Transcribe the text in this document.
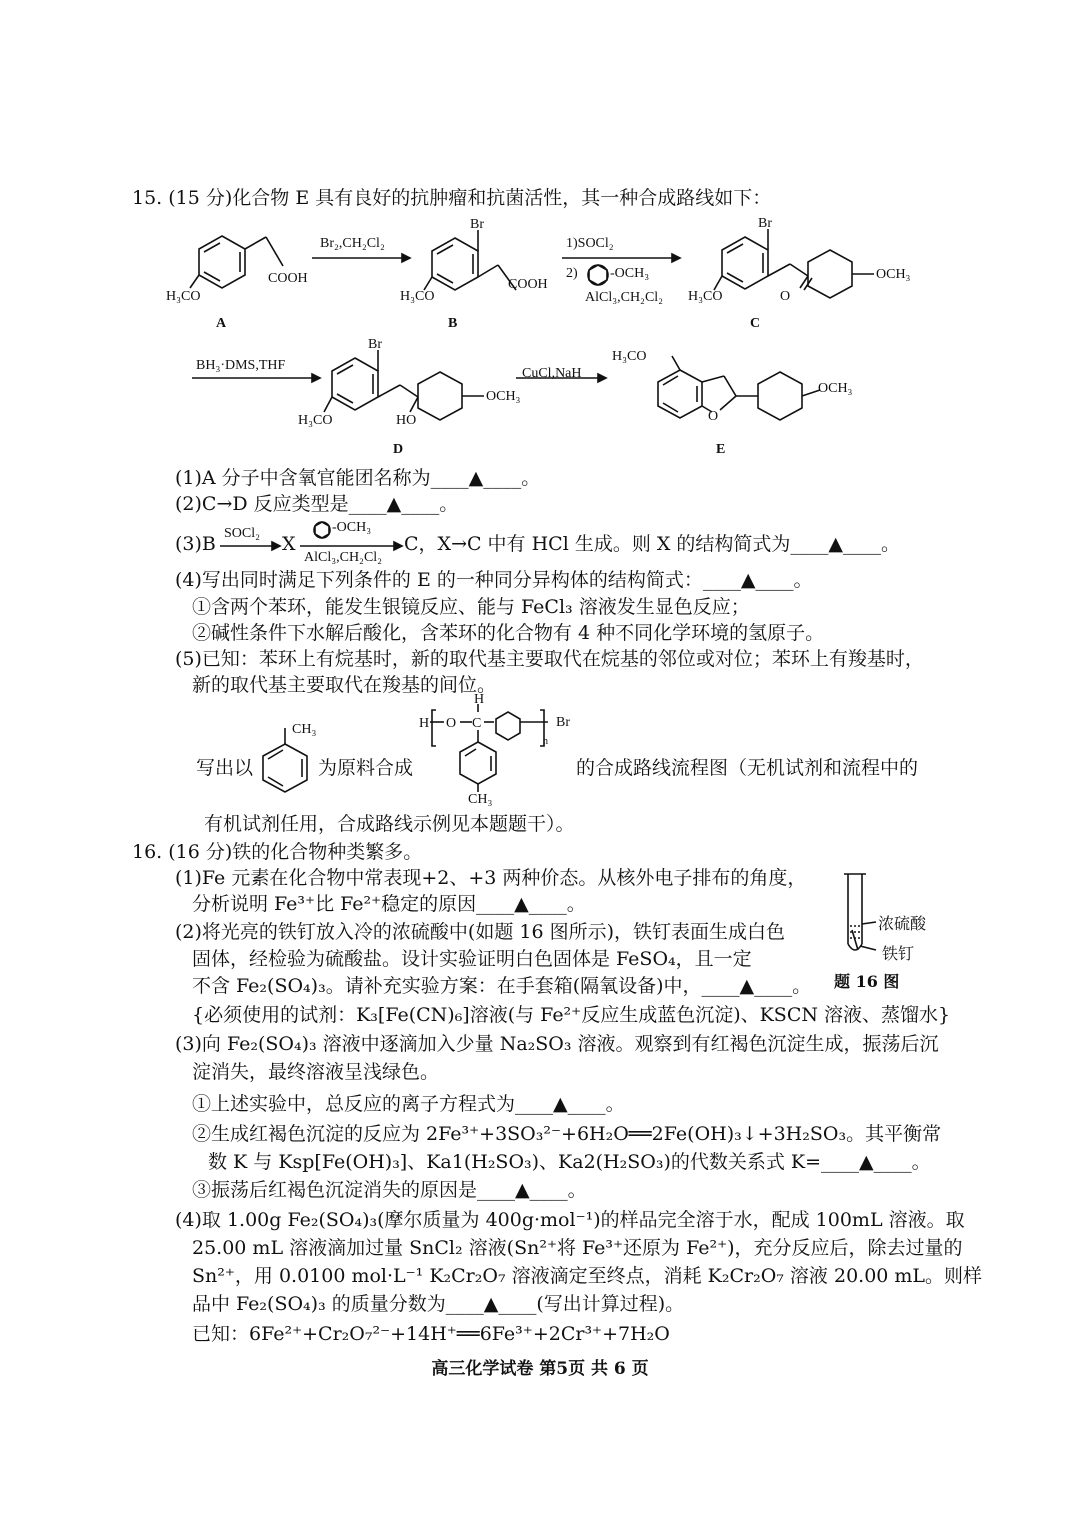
15. (15 分)化合物 E 具有良好的抗肿瘤和抗菌活性，其一种合成路线如下：
COOH
H₃CO
Br
COOH
H₃CO
Br
O
OCH₃
H₃CO
Br
HO
OCH₃
H₃CO	O
H₃CO
OCH₃
Br₂,CH₂Cl₂	1)SOCl₂
2) -OCH₃
AlCl₃,CH₂Cl₂
BH₃·DMS,THF
CuCl,NaH
A	B	C
D	E
(1)A 分子中含氧官能团名称为____▲____。
(2)C→D 反应类型是____▲____。
(3)B SOCl₂ X
-OCH₃
AlCl₃,CH₂Cl₂
C，X→C 中有 HCl 生成。则 X 的结构简式为____▲____。
(4)写出同时满足下列条件的 E 的一种同分异构体的结构简式：____▲____。
①含两个苯环，能发生银镜反应、能与 FeCl₃ 溶液发生显色反应；
②碱性条件下水解后酸化，含苯环的化合物有 4 种不同化学环境的氢原子。
(5)已知：苯环上有烷基时，新的取代基主要取代在烷基的邻位或对位；苯环上有羧基时，
新的取代基主要取代在羧基的间位。
H O C
H
Br
n
CH₃
CH₃
写出以	为原料合成	的合成路线流程图（无机试剂和流程中的
有机试剂任用，合成路线示例见本题题干）。
16. (16 分)铁的化合物种类繁多。
(1)Fe 元素在化合物中常表现+2、+3 两种价态。从核外电子排布的角度，
分析说明 Fe³⁺比 Fe²⁺稳定的原因____▲____。
(2)将光亮的铁钉放入冷的浓硫酸中(如题 16 图所示)，铁钉表面生成白色
固体，经检验为硫酸盐。设计实验证明白色固体是 FeSO₄，且一定
不含 Fe₂(SO₄)₃。请补充实验方案：在手套箱(隔氧设备)中，____▲____。
{必须使用的试剂：K₃[Fe(CN)₆]溶液(与 Fe²⁺反应生成蓝色沉淀)、KSCN 溶液、蒸馏水}
浓硫酸
铁钉
题 16 图
(3)向 Fe₂(SO₄)₃ 溶液中逐滴加入少量 Na₂SO₃ 溶液。观察到有红褐色沉淀生成，振荡后沉
淀消失，最终溶液呈浅绿色。
①上述实验中，总反应的离子方程式为____▲____。
②生成红褐色沉淀的反应为 2Fe³⁺+3SO₃²⁻+6H₂O══2Fe(OH)₃↓+3H₂SO₃。其平衡常
数 K 与 Ksp[Fe(OH)₃]、Ka1(H₂SO₃)、Ka2(H₂SO₃)的代数关系式 K=____▲____。
③振荡后红褐色沉淀消失的原因是____▲____。
(4)取 1.00g Fe₂(SO₄)₃(摩尔质量为 400g·mol⁻¹)的样品完全溶于水，配成 100mL 溶液。取
25.00 mL 溶液滴加过量 SnCl₂ 溶液(Sn²⁺将 Fe³⁺还原为 Fe²⁺)，充分反应后，除去过量的
Sn²⁺，用 0.0100 mol·L⁻¹ K₂Cr₂O₇ 溶液滴定至终点，消耗 K₂Cr₂O₇ 溶液 20.00 mL。则样
品中 Fe₂(SO₄)₃ 的质量分数为____▲____(写出计算过程)。
已知：6Fe²⁺+Cr₂O₇²⁻+14H⁺══6Fe³⁺+2Cr³⁺+7H₂O
高三化学试卷 第5页 共 6 页
